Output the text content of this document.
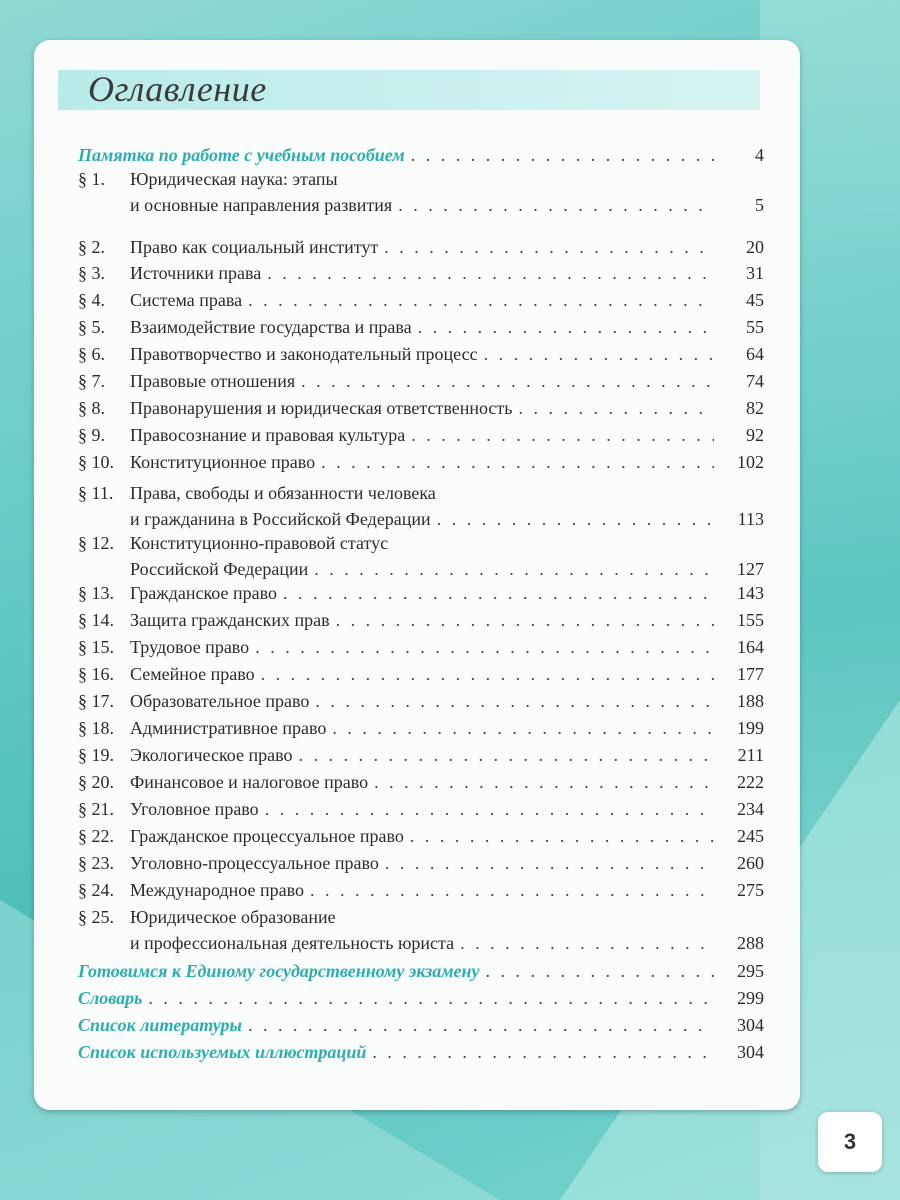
Оглавление
Памятка по работе с учебным пособием . . .	4
§ 1.	Юридическая наука: этапы
и основные направления развития . . .	5
§ 2.	Право как социальный институт . . .	20
§ 3.	Источники права . . .	31
§ 4.	Система права . . .	45
§ 5.	Взаимодействие государства и права . . .	55
§ 6.	Правотворчество и законодательный процесс . . .	64
§ 7.	Правовые отношения . . .	74
§ 8.	Правонарушения и юридическая ответственность . . .	82
§ 9.	Правосознание и правовая культура . . .	92
§ 10. Конституционное право . . .	102
§ 11. Права, свободы и обязанности человека
и гражданина в Российской Федерации . . .	113
§ 12. Конституционно-правовой статус
Российской Федерации . . .	127
§ 13. Гражданское право . . .	143
§ 14. Защита гражданских прав . . .	155
§ 15. Трудовое право . . .	164
§ 16. Семейное право . . .	177
§ 17. Образовательное право . . .	188
§ 18. Административное право . . .	199
§ 19. Экологическое право . . .	211
§ 20. Финансовое и налоговое право . . .	222
§ 21. Уголовное право . . .	234
§ 22. Гражданское процессуальное право . . .	245
§ 23. Уголовно-процессуальное право . . .	260
§ 24. Международное право . . .	275
§ 25. Юридическое образование
и профессиональная деятельность юриста . . .	288
Готовимся к Единому государственному экзамену . . .	295
Словарь . . .	299
Список литературы . . .	304
Список используемых иллюстраций . . .	304
3
